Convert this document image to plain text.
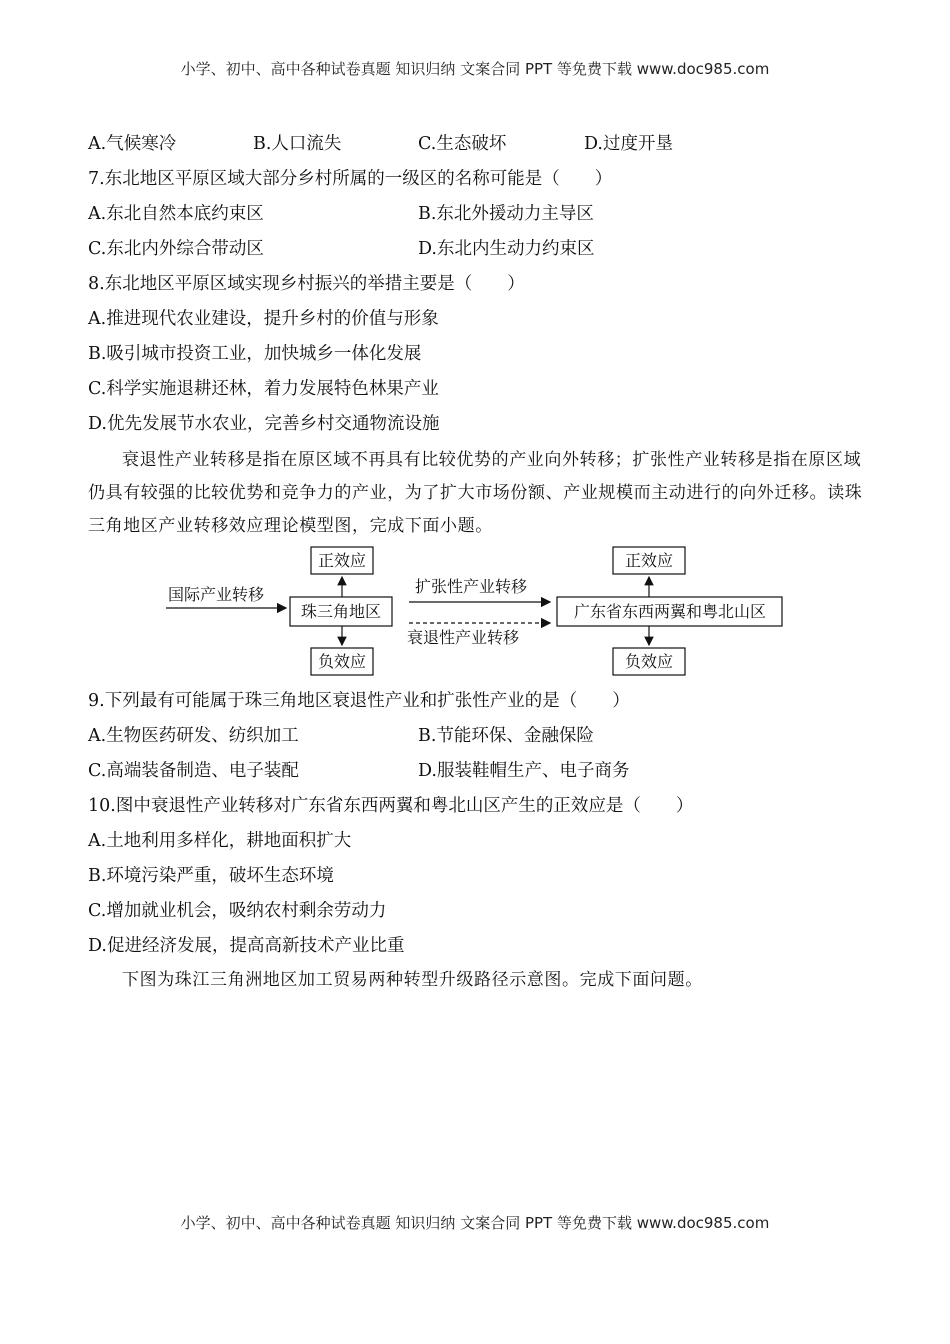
小学、初中、高中各种试卷真题 知识归纳 文案合同 PPT 等免费下载 www.doc985.com
A.气候寒冷	B.人口流失	C.生态破坏	D.过度开垦
7.东北地区平原区域大部分乡村所属的一级区的名称可能是（　　）
A.东北自然本底约束区	B.东北外援动力主导区
C.东北内外综合带动区	D.东北内生动力约束区
8.东北地区平原区域实现乡村振兴的举措主要是（　　）
A.推进现代农业建设，提升乡村的价值与形象
B.吸引城市投资工业，加快城乡一体化发展
C.科学实施退耕还林，着力发展特色林果产业
D.优先发展节水农业，完善乡村交通物流设施
衰退性产业转移是指在原区域不再具有比较优势的产业向外转移；扩张性产业转移是指在原区域仍具有较强的比较优势和竞争力的产业，为了扩大市场份额、产业规模而主动进行的向外迁移。读珠三角地区产业转移效应理论模型图，完成下面小题。
国际产业转移
珠三角地区
正效应
负效应
扩张性产业转移
衰退性产业转移
广东省东西两翼和粤北山区
正效应
负效应
9.下列最有可能属于珠三角地区衰退性产业和扩张性产业的是（　　）
A.生物医药研发、纺织加工	B.节能环保、金融保险
C.高端装备制造、电子装配	D.服装鞋帽生产、电子商务
10.图中衰退性产业转移对广东省东西两翼和粤北山区产生的正效应是（　　）
A.土地利用多样化，耕地面积扩大
B.环境污染严重，破坏生态环境
C.增加就业机会，吸纳农村剩余劳动力
D.促进经济发展，提高高新技术产业比重
下图为珠江三角洲地区加工贸易两种转型升级路径示意图。完成下面问题。
小学、初中、高中各种试卷真题 知识归纳 文案合同 PPT 等免费下载 www.doc985.com
